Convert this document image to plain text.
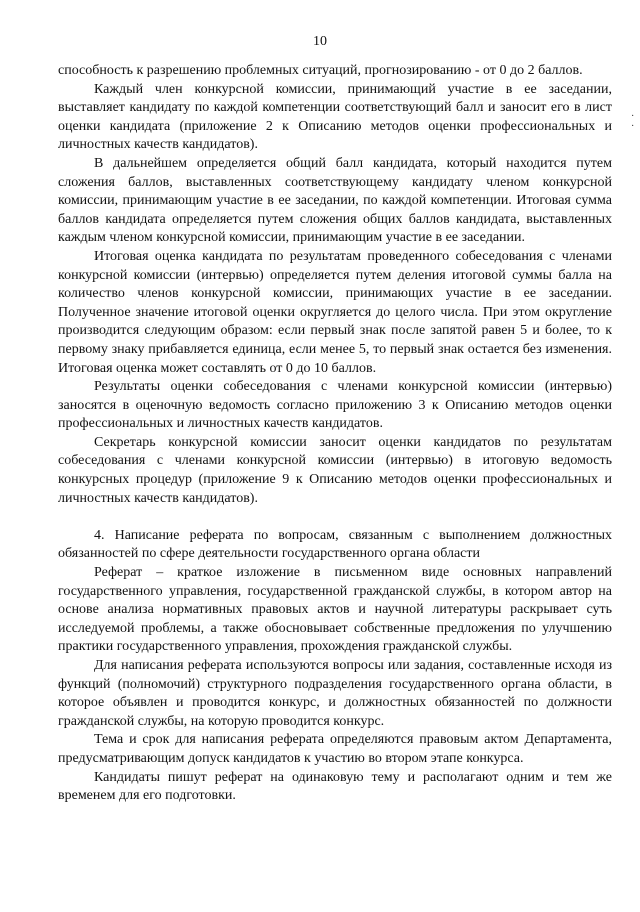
10
·
·

способность к разрешению проблемных ситуаций, прогнозированию - от 0 до 2 баллов.

Каждый член конкурсной комиссии, принимающий участие в ее заседании, выставляет кандидату по каждой компетенции соответствующий балл и заносит его в лист оценки кандидата (приложение 2 к Описанию методов оценки профессиональных и личностных качеств кандидатов).

В дальнейшем определяется общий балл кандидата, который находится путем сложения баллов, выставленных соответствующему кандидату членом конкурсной комиссии, принимающим участие в ее заседании, по каждой компетенции. Итоговая сумма баллов кандидата определяется путем сложения общих баллов кандидата, выставленных каждым членом конкурсной комиссии, принимающим участие в ее заседании.

Итоговая оценка кандидата по результатам проведенного собеседования с членами конкурсной комиссии (интервью) определяется путем деления итоговой суммы балла на количество членов конкурсной комиссии, принимающих участие в ее заседании. Полученное значение итоговой оценки округляется до целого числа. При этом округление производится следующим образом: если первый знак после запятой равен 5 и более, то к первому знаку прибавляется единица, если менее 5, то первый знак остается без изменения. Итоговая оценка может составлять от 0 до 10 баллов.

Результаты оценки собеседования с членами конкурсной комиссии (интервью) заносятся в оценочную ведомость согласно приложению 3 к Описанию методов оценки профессиональных и личностных качеств кандидатов.

Секретарь конкурсной комиссии заносит оценки кандидатов по результатам собеседования с членами конкурсной комиссии (интервью) в итоговую ведомость конкурсных процедур (приложение 9 к Описанию методов оценки профессиональных и личностных качеств кандидатов).

4. Написание реферата по вопросам, связанным с выполнением должностных обязанностей по сфере деятельности государственного органа области

Реферат – краткое изложение в письменном виде основных направлений государственного управления, государственной гражданской службы, в котором автор на основе анализа нормативных правовых актов и научной литературы раскрывает суть исследуемой проблемы, а также обосновывает собственные предложения по улучшению практики государственного управления, прохождения гражданской службы.

Для написания реферата используются вопросы или задания, составленные исходя из функций (полномочий) структурного подразделения государственного органа области, в которое объявлен и проводится конкурс, и должностных обязанностей по должности гражданской службы, на которую проводится конкурс.

Тема и срок для написания реферата определяются правовым актом Департамента, предусматривающим допуск кандидатов к участию во втором этапе конкурса.

Кандидаты пишут реферат на одинаковую тему и располагают одним и тем же временем для его подготовки.
